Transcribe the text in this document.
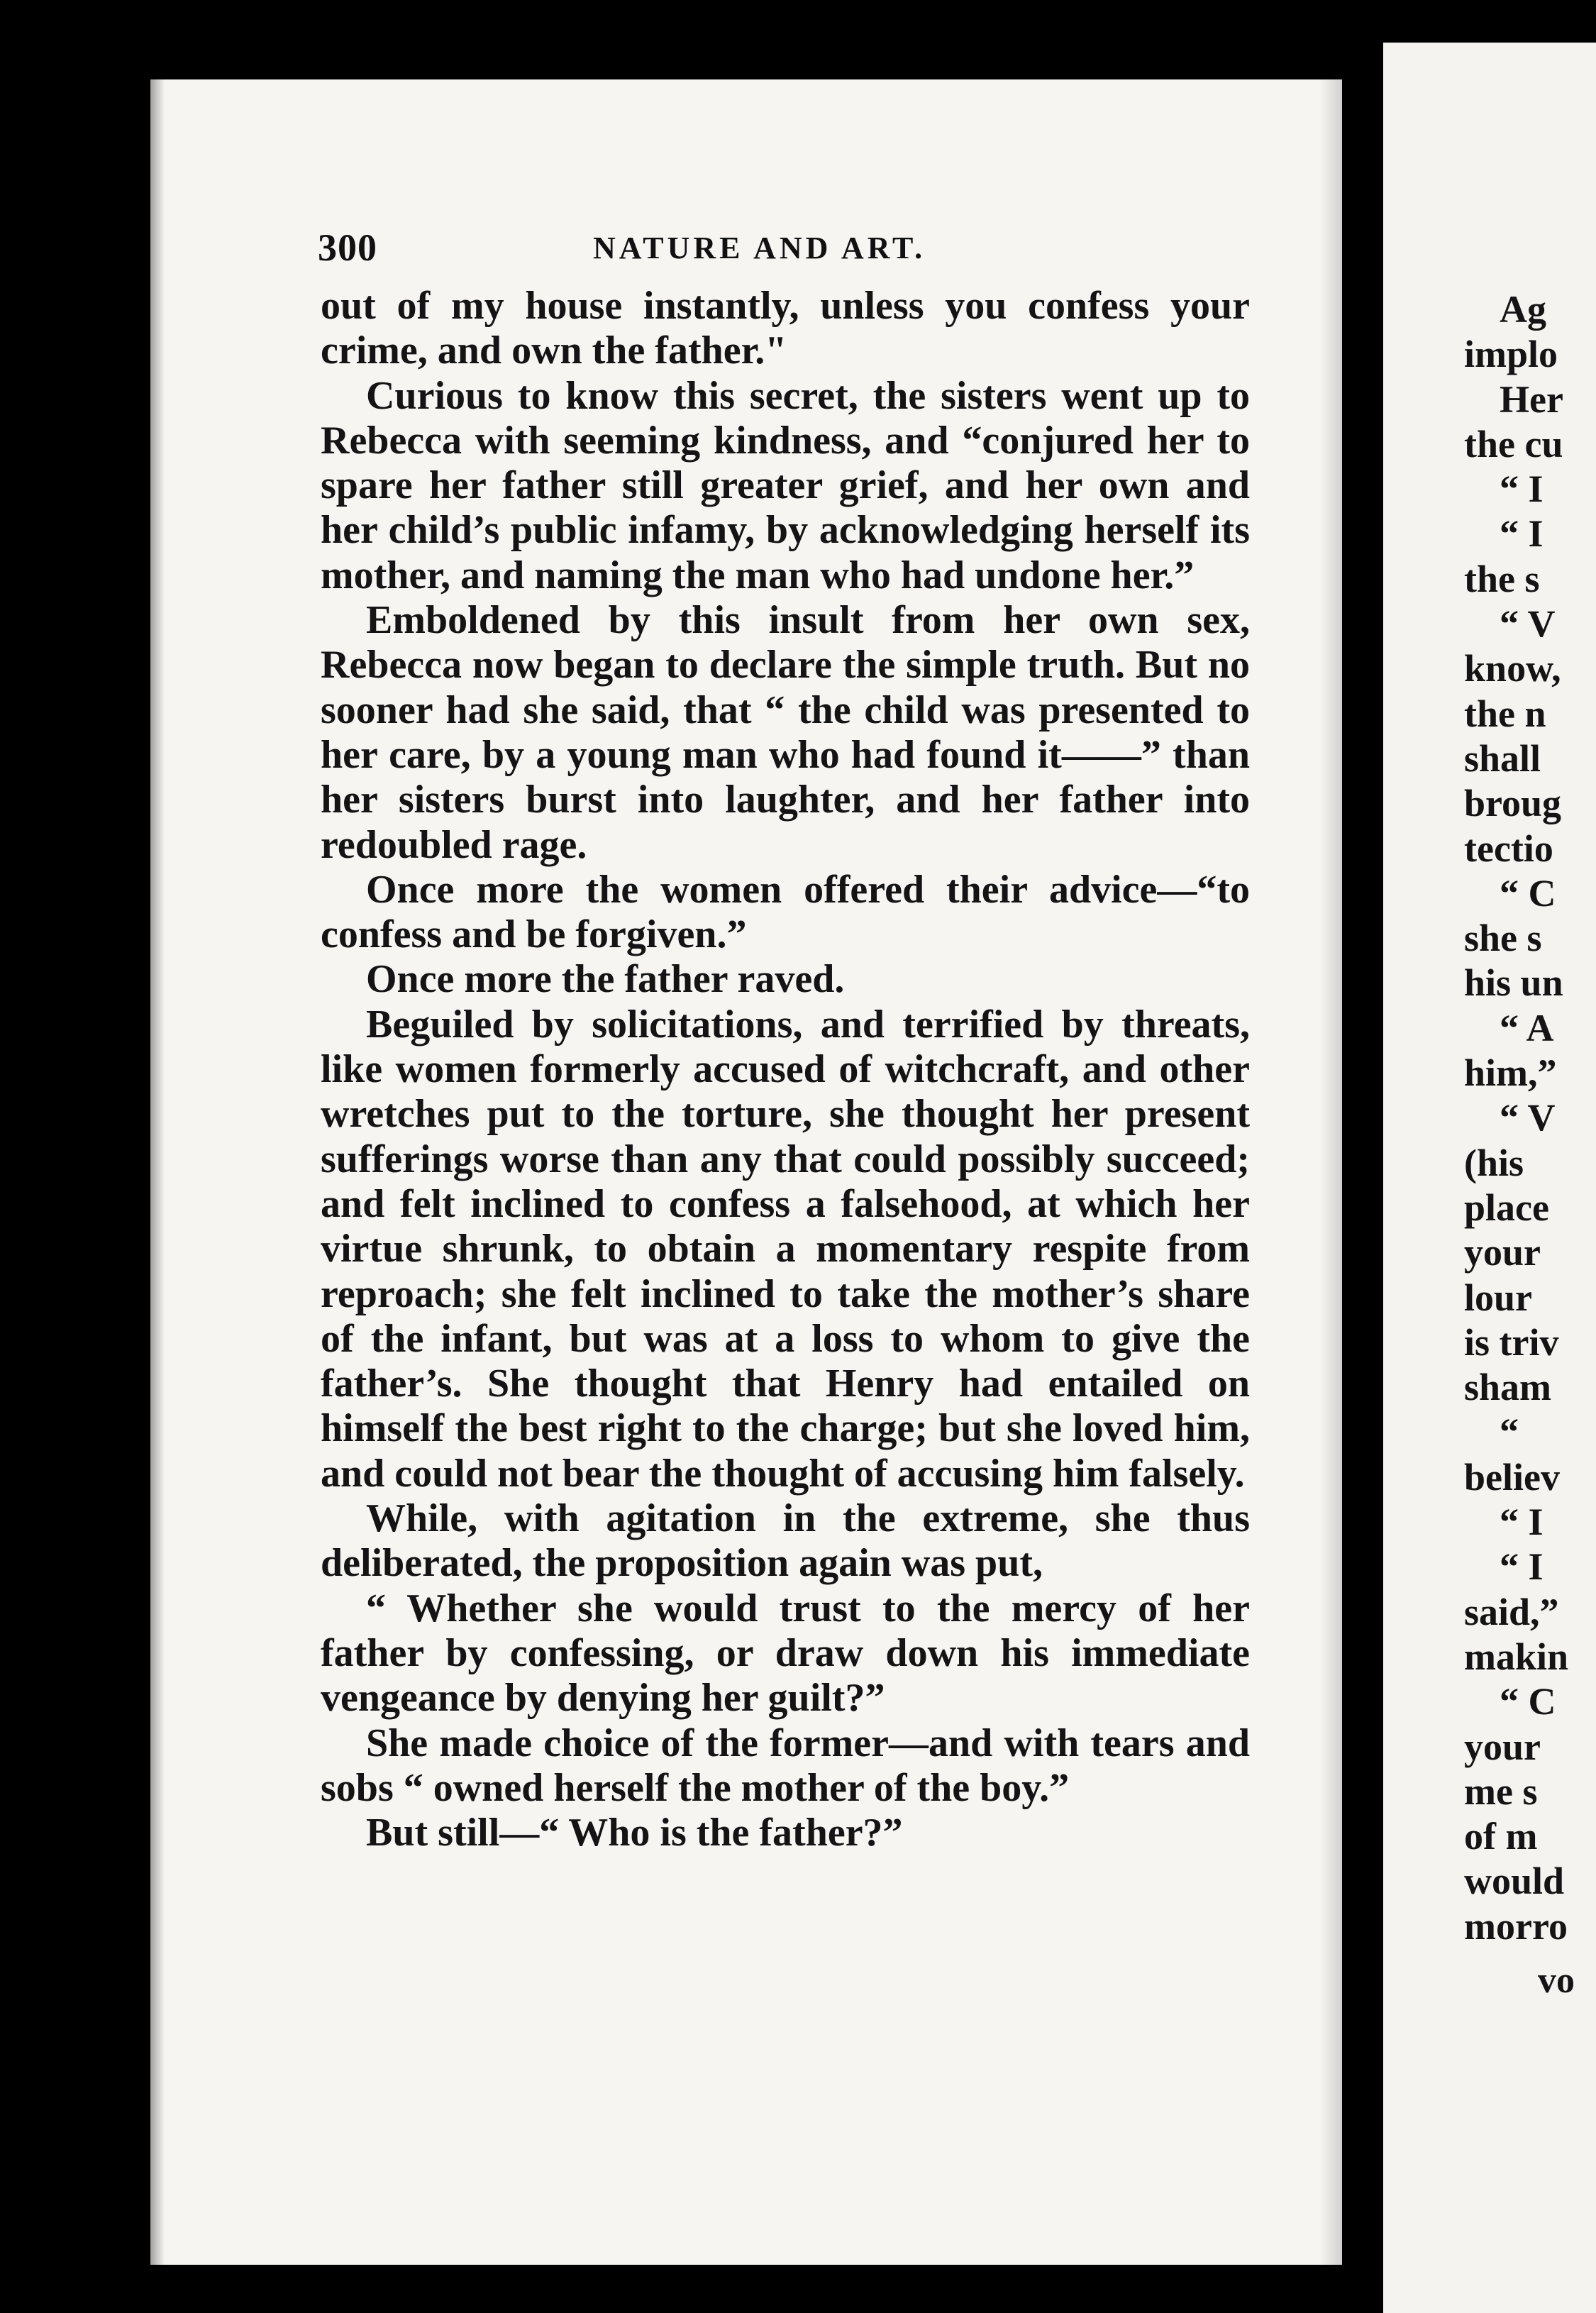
300	NATURE AND ART.

out of my house instantly, unless you confess your crime, and own the father."

Curious to know this secret, the sisters went up to Rebecca with seeming kindness, and “conjured her to spare her father still greater grief, and her own and her child’s public infamy, by acknowledging herself its mother, and naming the man who had undone her.”

Emboldened by this insult from her own sex, Rebecca now began to declare the simple truth. But no sooner had she said, that “ the child was presented to her care, by a young man who had found it——” than her sisters burst into laughter, and her father into redoubled rage.

Once more the women offered their advice—“to confess and be forgiven.”

Once more the father raved.

Beguiled by solicitations, and terrified by threats, like women formerly accused of witchcraft, and other wretches put to the torture, she thought her present sufferings worse than any that could possibly succeed; and felt inclined to confess a falsehood, at which her virtue shrunk, to obtain a momentary respite from reproach; she felt inclined to take the mother’s share of the infant, but was at a loss to whom to give the father’s. She thought that Henry had entailed on himself the best right to the charge; but she loved him, and could not bear the thought of accusing him falsely.

While, with agitation in the extreme, she thus deliberated, the proposition again was put,

“ Whether she would trust to the mercy of her father by confessing, or draw down his immediate vengeance by denying her guilt?”

She made choice of the former—and with tears and sobs “ owned herself the mother of the boy.”

But still—“ Who is the father?”

Ag
implo
Her
the cu
“ I
“ I
the s
“ V
know,
the n
shall
broug
tectio
“ C
she s
his un
“ A
him,”
“ V
(his
place
your
lour
is triv
sham
“
believ
“ I
“ I
said,”
makin
“ C
your
me s
of m
would
morro
vo
